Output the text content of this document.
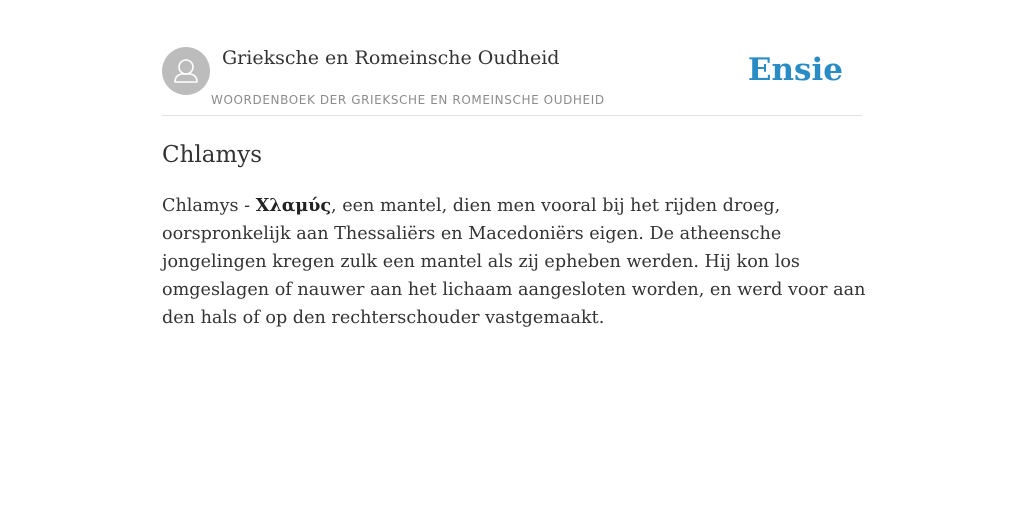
Grieksche en Romeinsche Oudheid
WOORDENBOEK DER GRIEKSCHE EN ROMEINSCHE OUDHEID
Ensie
Chlamys

Chlamys - Χλαμύς, een mantel, dien men vooral bij het rijden droeg, oorspronkelijk aan Thessaliërs en Macedoniërs eigen. De atheensche jongelingen kregen zulk een mantel als zij epheben werden. Hij kon los omgeslagen of nauwer aan het lichaam aangesloten worden, en werd voor aan den hals of op den rechterschouder vastgemaakt.
